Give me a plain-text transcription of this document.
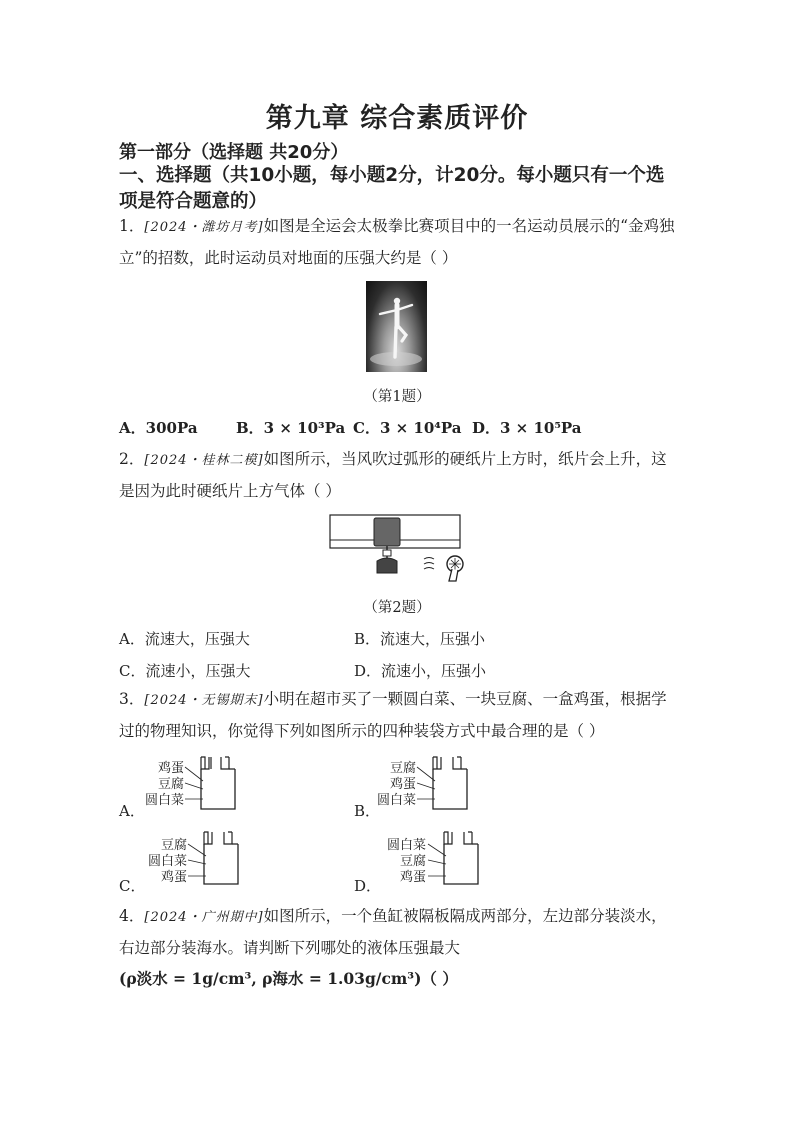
第九章 综合素质评价
第一部分（选择题 共20分）
一、选择题（共10小题，每小题2分，计20分。每小题只有一个选项是符合题意的）
1．[2024・潍坊月考]如图是全运会太极拳比赛项目中的一名运动员展示的“金鸡独立”的招数，此时运动员对地面的压强大约是（ ）
（第1题）
A．300Pa	B．3 × 10³Pa C．3 × 10⁴Pa D．3 × 10⁵Pa
2．[2024・桂林二模]如图所示，当风吹过弧形的硬纸片上方时，纸片会上升，这是因为此时硬纸片上方气体（ ）
（第2题）
A．流速大，压强大	B．流速大，压强小
C．流速小，压强大	D．流速小，压强小
3．[2024・无锡期末]小明在超市买了一颗圆白菜、一块豆腐、一盒鸡蛋，根据学过的物理知识，你觉得下列如图所示的四种装袋方式中最合理的是（ ）
A．
鸡蛋
豆腐
圆白菜
B．
豆腐
鸡蛋
圆白菜
C．
豆腐
圆白菜
鸡蛋	D．
圆白菜
豆腐
鸡蛋
4．[2024・广州期中]如图所示，一个鱼缸被隔板隔成两部分，左边部分装淡水，右边部分装海水。请判断下列哪处的液体压强最大
(ρ淡水 = 1g/cm³, ρ海水 = 1.03g/cm³)（ ）
